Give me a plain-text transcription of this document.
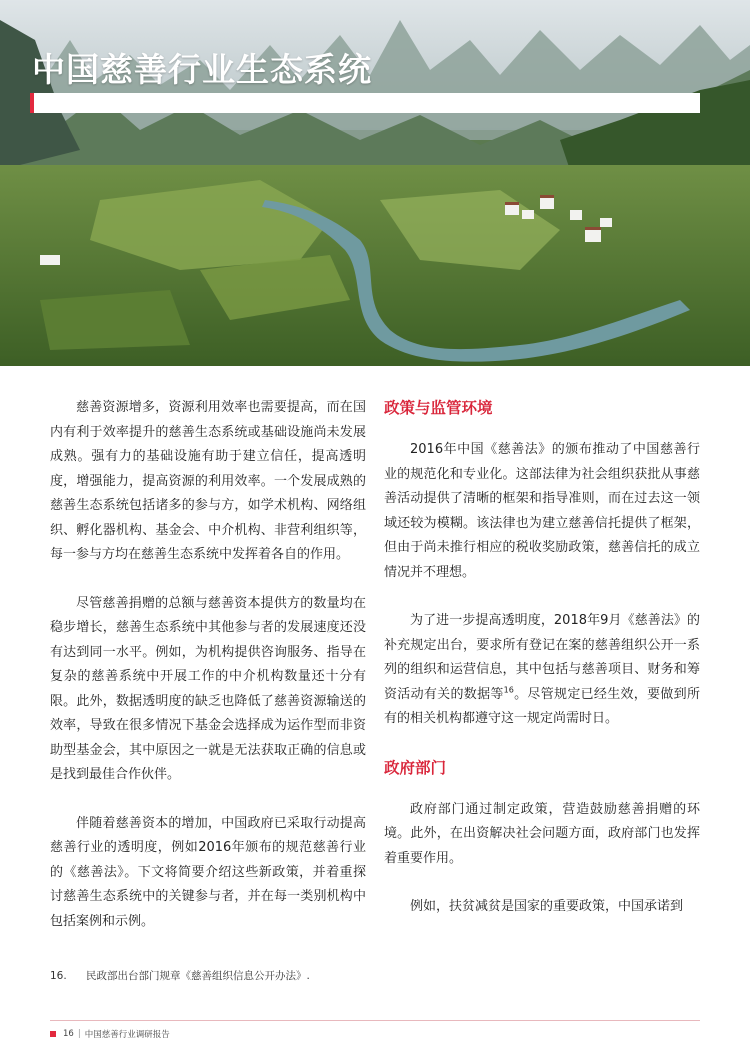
中国慈善行业生态系统

慈善资源增多，资源利用效率也需要提高，而在国内有利于效率提升的慈善生态系统或基础设施尚未发展成熟。强有力的基础设施有助于建立信任，提高透明度，增强能力，提高资源的利用效率。一个发展成熟的慈善生态系统包括诸多的参与方，如学术机构、网络组织、孵化器机构、基金会、中介机构、非营利组织等，每一参与方均在慈善生态系统中发挥着各自的作用。

尽管慈善捐赠的总额与慈善资本提供方的数量均在稳步增长，慈善生态系统中其他参与者的发展速度还没有达到同一水平。例如，为机构提供咨询服务、指导在复杂的慈善系统中开展工作的中介机构数量还十分有限。此外，数据透明度的缺乏也降低了慈善资源输送的效率，导致在很多情况下基金会选择成为运作型而非资助型基金会，其中原因之一就是无法获取正确的信息或是找到最佳合作伙伴。

伴随着慈善资本的增加，中国政府已采取行动提高慈善行业的透明度，例如2016年颁布的规范慈善行业的《慈善法》。下文将简要介绍这些新政策，并着重探讨慈善生态系统中的关键参与者，并在每一类别机构中包括案例和示例。

政策与监管环境

2016年中国《慈善法》的颁布推动了中国慈善行业的规范化和专业化。这部法律为社会组织获批从事慈善活动提供了清晰的框架和指导准则，而在过去这一领域还较为模糊。该法律也为建立慈善信托提供了框架，但由于尚未推行相应的税收奖励政策，慈善信托的成立情况并不理想。

为了进一步提高透明度，2018年9月《慈善法》的补充规定出台，要求所有登记在案的慈善组织公开一系列的组织和运营信息，其中包括与慈善项目、财务和筹资活动有关的数据等$^{16}$。尽管规定已经生效，要做到所有的相关机构都遵守这一规定尚需时日。

政府部门

政府部门通过制定政策，营造鼓励慈善捐赠的环境。此外，在出资解决社会问题方面，政府部门也发挥着重要作用。

例如，扶贫减贫是国家的重要政策，中国承诺到

16. 民政部出台部门规章《慈善组织信息公开办法》.
16 | 中国慈善行业调研报告
